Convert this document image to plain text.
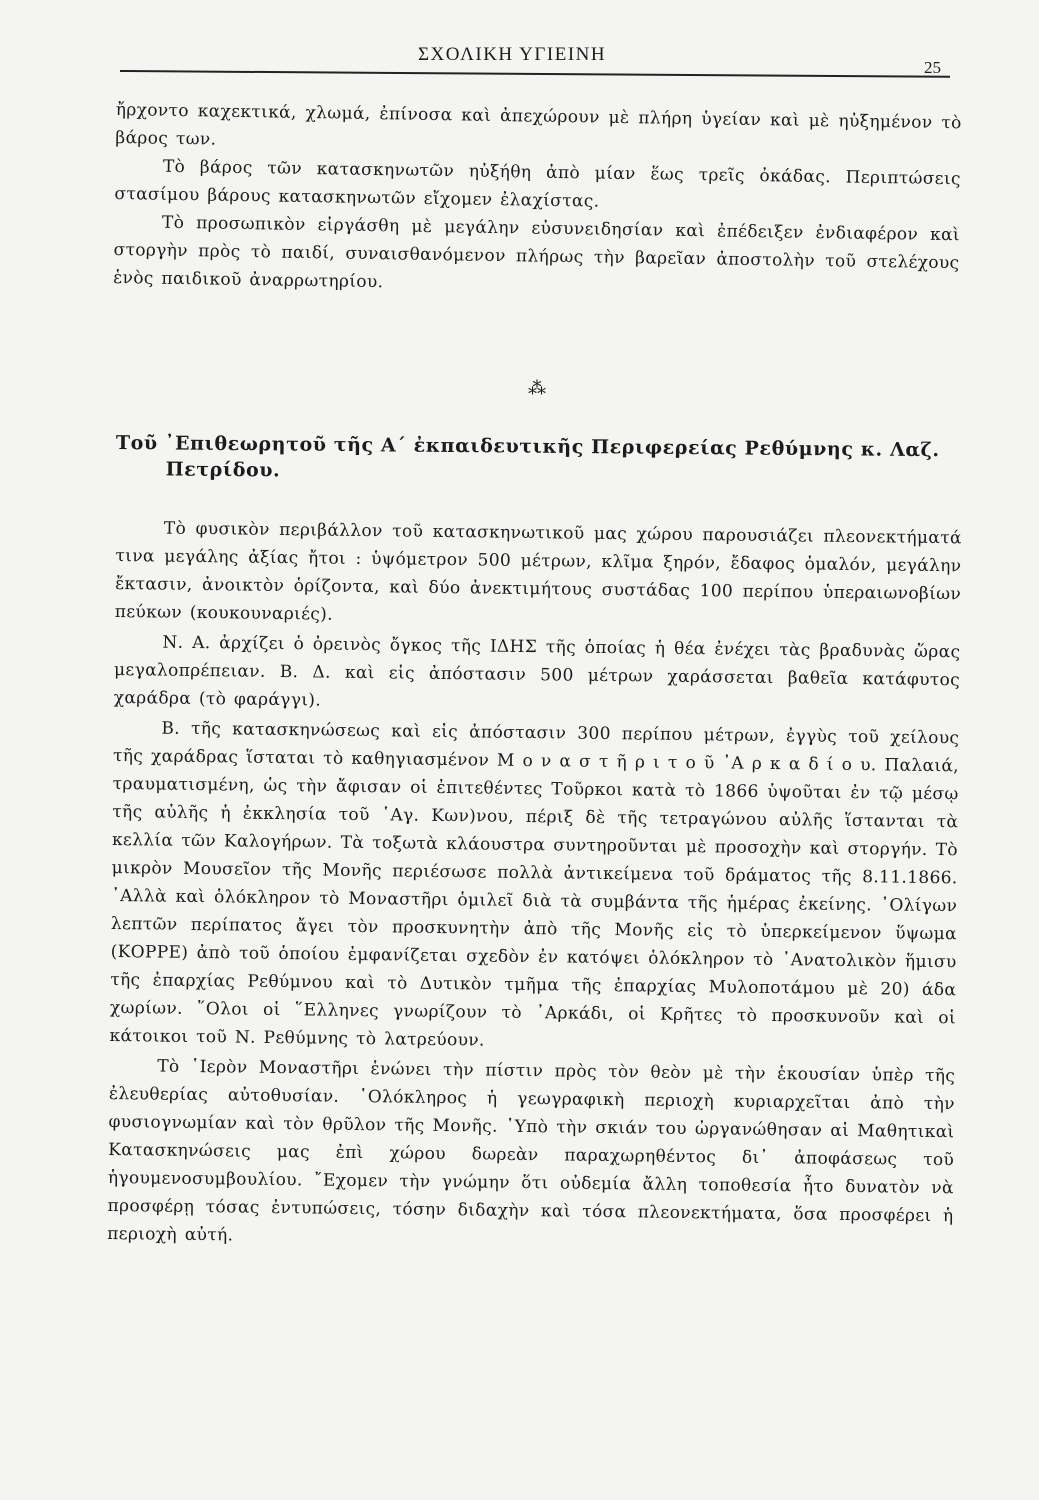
ΣΧΟΛΙΚΗ ΥΓΙΕΙΝΗ
25

ἤρχοντο καχεκτικά, χλωμά, ἐπίνοσα καὶ ἀπεχώρουν μὲ πλήρη ὑγείαν καὶ μὲ ηὐξημένον τὸ βάρος των.

Τὸ βάρος τῶν κατασκηνωτῶν ηὐξήθη ἀπὸ μίαν ἕως τρεῖς ὀκάδας. Περιπτώσεις στασίμου βάρους κατασκηνωτῶν εἴχομεν ἐλαχίστας.

Τὸ προσωπικὸν εἰργάσθη μὲ μεγάλην εὐσυνειδησίαν καὶ ἐπέδειξεν ἐνδιαφέρον καὶ στοργὴν πρὸς τὸ παιδί, συναισθανόμενον πλήρως τὴν βαρεῖαν ἀποστολὴν τοῦ στελέχους ἑνὸς παιδικοῦ ἀναρρωτηρίου.

⁂
Τοῦ ᾿Επιθεωρητοῦ τῆς Α΄ ἐκπαιδευτικῆς Περιφερείας Ρεθύμνης κ. Λαζ.
Πετρίδου.

Τὸ φυσικὸν περιβάλλον τοῦ κατασκηνωτικοῦ μας χώρου παρουσιάζει πλεονεκτήματά τινα μεγάλης ἀξίας ἤτοι : ὑψόμετρον 500 μέτρων, κλῖμα ξηρόν, ἔδαφος ὁμαλόν, μεγάλην ἔκτασιν, ἀνοικτὸν ὁρίζοντα, καὶ δύο ἀνεκτιμήτους συστάδας 100 περίπου ὑπεραιωνοβίων πεύκων (κουκουναριές).

Ν. Α. ἀρχίζει ὁ ὀρεινὸς ὄγκος τῆς ΙΔΗΣ τῆς ὁποίας ἡ θέα ἐνέχει τὰς βραδυνὰς ὥρας μεγαλοπρέπειαν. Β. Δ. καὶ εἰς ἀπόστασιν 500 μέτρων χαράσσεται βαθεῖα κατάφυτος χαράδρα (τὸ φαράγγι).

Β. τῆς κατασκηνώσεως καὶ εἰς ἀπόστασιν 300 περίπου μέτρων, ἐγγὺς τοῦ χείλους τῆς χαράδρας ἵσταται τὸ καθηγιασμένον Μ ο ν α σ τ ῆ ρ ι τ ο ῦ ᾿Α ρ κ α δ ί ο υ. Παλαιά, τραυματισμένη, ὡς τὴν ἄφισαν οἱ ἐπιτεθέντες Τοῦρκοι κατὰ τὸ 1866 ὑψοῦται ἐν τῷ μέσῳ τῆς αὐλῆς ἡ ἐκκλησία τοῦ ῾Αγ. Κων)νου, πέριξ δὲ τῆς τετραγώνου αὐλῆς ἵστανται τὰ κελλία τῶν Καλογήρων. Τὰ τοξωτὰ κλάουστρα συντηροῦνται μὲ προσοχὴν καὶ στοργήν. Τὸ μικρὸν Μουσεῖον τῆς Μονῆς περιέσωσε πολλὰ ἀντικείμενα τοῦ δράματος τῆς 8.11.1866. ᾿Αλλὰ καὶ ὁλόκληρον τὸ Μοναστῆρι ὁμιλεῖ διὰ τὰ συμβάντα τῆς ἡμέρας ἐκείνης. ᾿Ολίγων λεπτῶν περίπατος ἄγει τὸν προσκυνητὴν ἀπὸ τῆς Μονῆς εἰς τὸ ὑπερκείμενον ὕψωμα (ΚΟΡΡΕ) ἀπὸ τοῦ ὁποίου ἐμφανίζεται σχεδὸν ἐν κατόψει ὁλόκληρον τὸ ᾿Ανατολικὸν ἥμισυ τῆς ἐπαρχίας Ρεθύμνου καὶ τὸ Δυτικὸν τμῆμα τῆς ἐπαρχίας Μυλοποτάμου μὲ 20) άδα χωρίων. ῞Ολοι οἱ ῞Ελληνες γνωρίζουν τὸ ᾿Αρκάδι, οἱ Κρῆτες τὸ προσκυνοῦν καὶ οἱ κάτοικοι τοῦ Ν. Ρεθύμνης τὸ λατρεύουν.

Τὸ ῾Ιερὸν Μοναστῆρι ἑνώνει τὴν πίστιν πρὸς τὸν θεὸν μὲ τὴν ἑκουσίαν ὑπὲρ τῆς ἐλευθερίας αὐτοθυσίαν. ῾Ολόκληρος ἡ γεωγραφικὴ περιοχὴ κυριαρχεῖται ἀπὸ τὴν φυσιογνωμίαν καὶ τὸν θρῦλον τῆς Μονῆς. ῾Υπὸ τὴν σκιάν του ὠργανώθησαν αἱ Μαθητικαὶ Κατασκηνώσεις μας ἐπὶ χώρου δωρεὰν παραχωρηθέντος δι᾿ ἀποφάσεως τοῦ ἡγουμενοσυμβουλίου. ῎Εχομεν τὴν γνώμην ὅτι οὐδεμία ἄλλη τοποθεσία ἦτο δυνατὸν νὰ προσφέρῃ τόσας ἐντυπώσεις, τόσην διδαχὴν καὶ τόσα πλεονεκτήματα, ὅσα προσφέρει ἡ περιοχὴ αὐτή.
